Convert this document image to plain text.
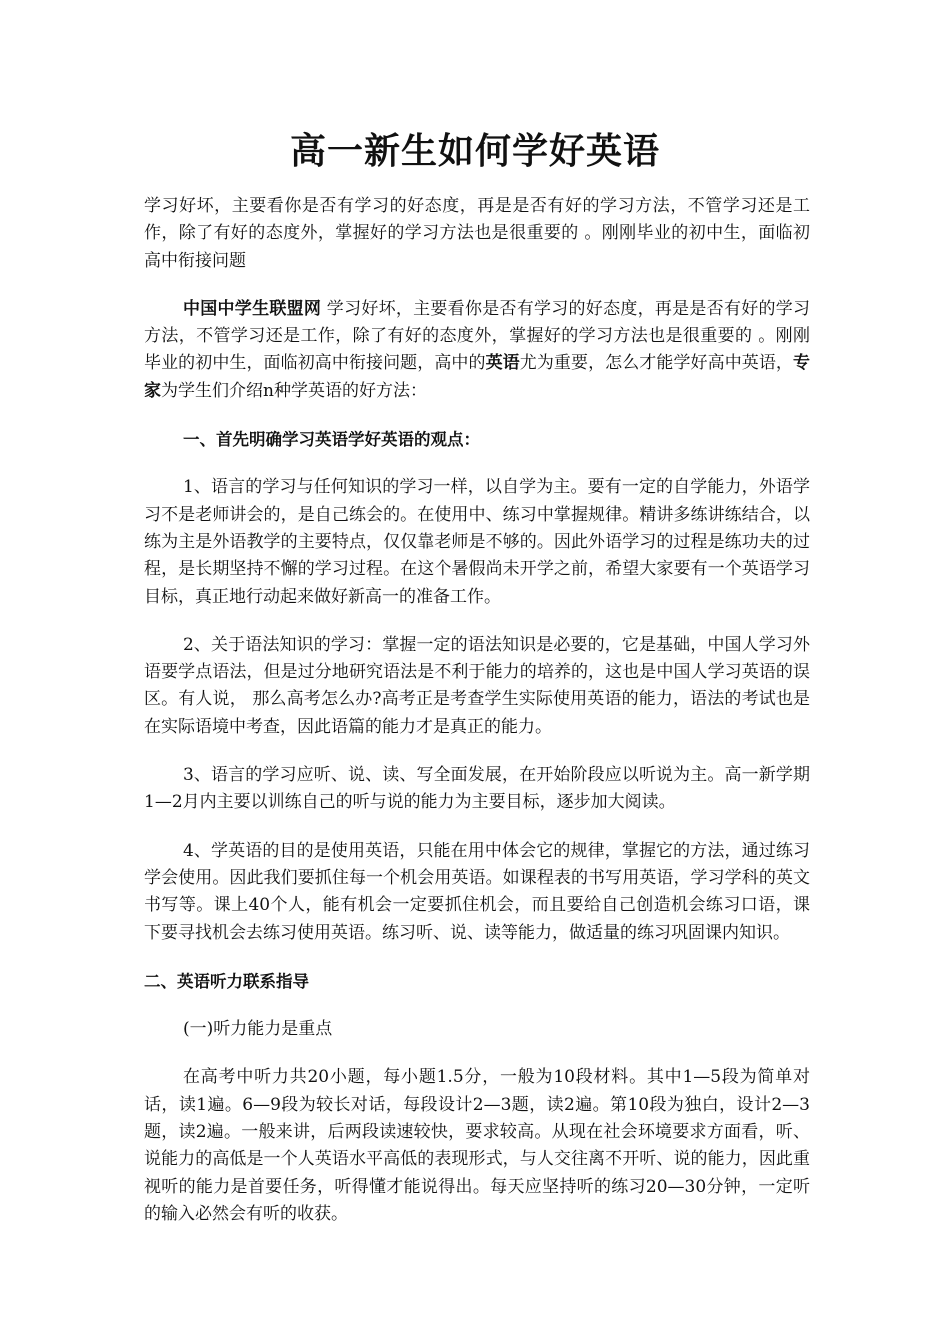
高一新生如何学好英语

学习好坏，主要看你是否有学习的好态度，再是是否有好的学习方法，不管学习还是工作，除了有好的态度外，掌握好的学习方法也是很重要的 。刚刚毕业的初中生，面临初高中衔接问题

中国中学生联盟网 学习好坏，主要看你是否有学习的好态度，再是是否有好的学习方法，不管学习还是工作，除了有好的态度外，掌握好的学习方法也是很重要的 。刚刚毕业的初中生，面临初高中衔接问题，高中的英语尤为重要，怎么才能学好高中英语，专家为学生们介绍n种学英语的好方法：

一、首先明确学习英语学好英语的观点：

1、语言的学习与任何知识的学习一样，以自学为主。要有一定的自学能力，外语学习不是老师讲会的，是自己练会的。在使用中、练习中掌握规律。精讲多练讲练结合，以练为主是外语教学的主要特点，仅仅靠老师是不够的。因此外语学习的过程是练功夫的过程，是长期坚持不懈的学习过程。在这个暑假尚未开学之前，希望大家要有一个英语学习目标，真正地行动起来做好新高一的准备工作。

2、关于语法知识的学习：掌握一定的语法知识是必要的，它是基础，中国人学习外语要学点语法，但是过分地研究语法是不利于能力的培养的，这也是中国人学习英语的误区。有人说， 那么高考怎么办?高考正是考查学生实际使用英语的能力，语法的考试也是在实际语境中考查，因此语篇的能力才是真正的能力。

3、语言的学习应听、说、读、写全面发展，在开始阶段应以听说为主。高一新学期1—2月内主要以训练自己的听与说的能力为主要目标，逐步加大阅读。

4、学英语的目的是使用英语，只能在用中体会它的规律，掌握它的方法，通过练习学会使用。因此我们要抓住每一个机会用英语。如课程表的书写用英语，学习学科的英文书写等。课上40个人，能有机会一定要抓住机会，而且要给自己创造机会练习口语，课下要寻找机会去练习使用英语。练习听、说、读等能力，做适量的练习巩固课内知识。

二、英语听力联系指导

(一)听力能力是重点

在高考中听力共20小题，每小题1.5分，一般为10段材料。其中1—5段为简单对话，读1遍。6—9段为较长对话，每段设计2—3题，读2遍。第10段为独白，设计2—3题，读2遍。一般来讲，后两段读速较快，要求较高。从现在社会环境要求方面看，听、说能力的高低是一个人英语水平高低的表现形式，与人交往离不开听、说的能力，因此重视听的能力是首要任务，听得懂才能说得出。每天应坚持听的练习20—30分钟，一定听的输入必然会有听的收获。
